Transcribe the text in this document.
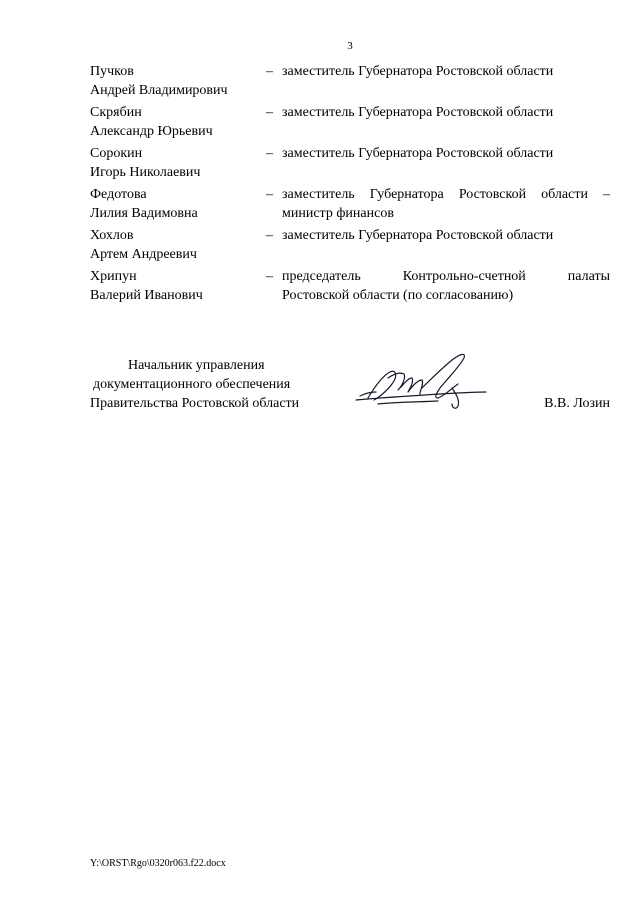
3
Пучков
Андрей Владимирович
– заместитель Губернатора Ростовской области
Скрябин
Александр Юрьевич
– заместитель Губернатора Ростовской области
Сорокин
Игорь Николаевич
– заместитель Губернатора Ростовской области
Федотова
Лилия Вадимовна
– заместитель Губернатора Ростовской области –
министр финансов
Хохлов
Артем Андреевич
– заместитель Губернатора Ростовской области
Хрипун
Валерий Иванович
– председатель Контрольно-счетной палаты
Ростовской области (по согласованию)
Начальник управления
документационного обеспечения
Правительства Ростовской области	В.В. Лозин
Y:\ORST\Rgo\0320r063.f22.docx
